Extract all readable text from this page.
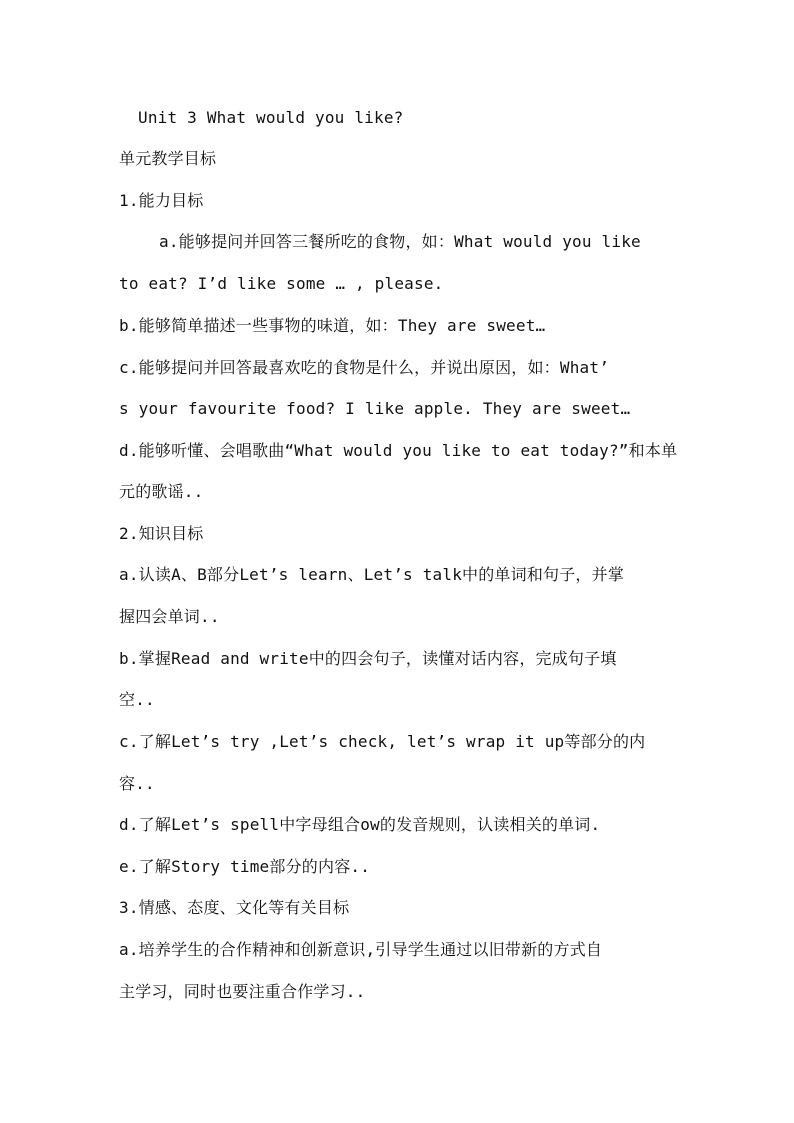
Unit 3 What would you like?
单元教学目标
1.能力目标
a.能够提问并回答三餐所吃的食物，如：What would you like
to eat? I’d like some … , please.
b.能够简单描述一些事物的味道，如：They are sweet…
c.能够提问并回答最喜欢吃的食物是什么，并说出原因，如：What’
s your favourite food? I like apple. They are sweet…
d.能够听懂、会唱歌曲“What would you like to eat today?”和本单
元的歌谣..
2.知识目标
a.认读A、B部分Let’s learn、Let’s talk中的单词和句子，并掌
握四会单词..
b.掌握Read and write中的四会句子，读懂对话内容，完成句子填
空..
c.了解Let’s try ,Let’s check, let’s wrap it up等部分的内
容..
d.了解Let’s spell中字母组合ow的发音规则，认读相关的单词.
e.了解Story time部分的内容..
3.情感、态度、文化等有关目标
a.培养学生的合作精神和创新意识,引导学生通过以旧带新的方式自
主学习，同时也要注重合作学习..
